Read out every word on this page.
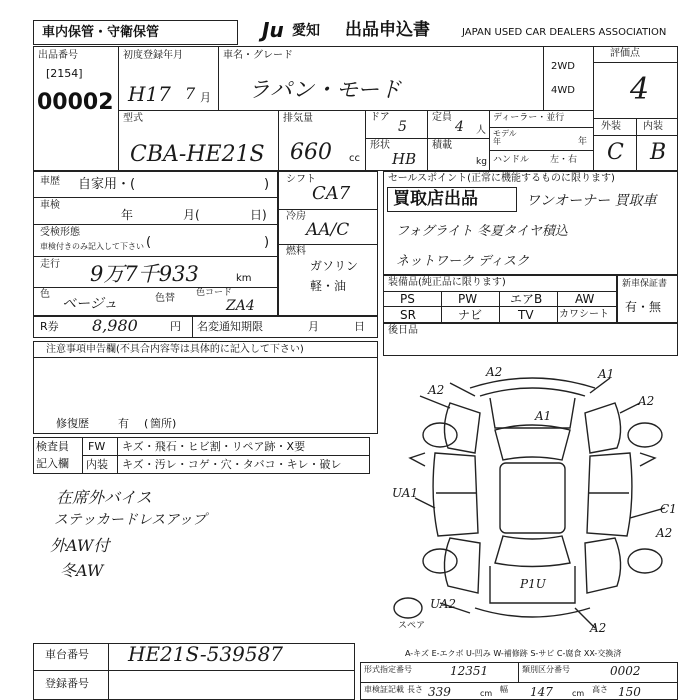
車内保管・守衛保管	Ju 愛知 出品申込書	JAPAN USED CAR DEALERS ASSOCIATION
出品番号
[2154]
00002
初度登録年月
H17 7 月
車名・グレード
ラパン・モード
2WD
4WD
評価点
4
外装 内装
C B
型式
CBA-HE21S
排気量
660 cc
ドア
5
形状
HB
定員
4 人
積載
kg
ディーラー・並行
モデル年	年
ハンドル 左・右
車歴 自家用・(	)
車検
年	月(	日)
受検形態
車検付きのみ記入して下さい (	)
走行 9万7千933	km
色
ベージュ	色替 色コード
ZA4
シフト
CA7
冷房
AA/C
燃料
ガソリン
軽・油
R券 8,980	円 名変通知期限	月	日
セールスポイント(正常に機能するものに限ります)
買取店出品	ワンオーナー 買取車
フォグライト 冬夏タイヤ積込
ネットワーク ディスク
装備品(純正品に限ります)
PS	PW	エアB	AW
SR	ナビ	TV	カワシート
新車保証書
有・無
後日品
注意事項申告欄(不具合内容等は具体的に記入して下さい)
修復歴	有 ( 箇所)
検査員
記入欄
FW キズ・飛石・ヒビ割・リペア跡・X要
内装 キズ・汚レ・コゲ・穴・タバコ・キレ・破レ
在席外バイス
ステッカードレスアップ
外AW付
冬AW
A2	A1
A2
A1
A2
UA1
C1
A2
P1U
UA2
A2
スペア
A-キズ E-エクボ U-凹み W-補修跡 S-サビ C-腐食 XX-交換済
車台番号 HE21S-539587
登録番号
形式指定番号	12351	類別区分番号	0002
車検証記載 長さ 339	cm 幅 147 cm 高さ 150
